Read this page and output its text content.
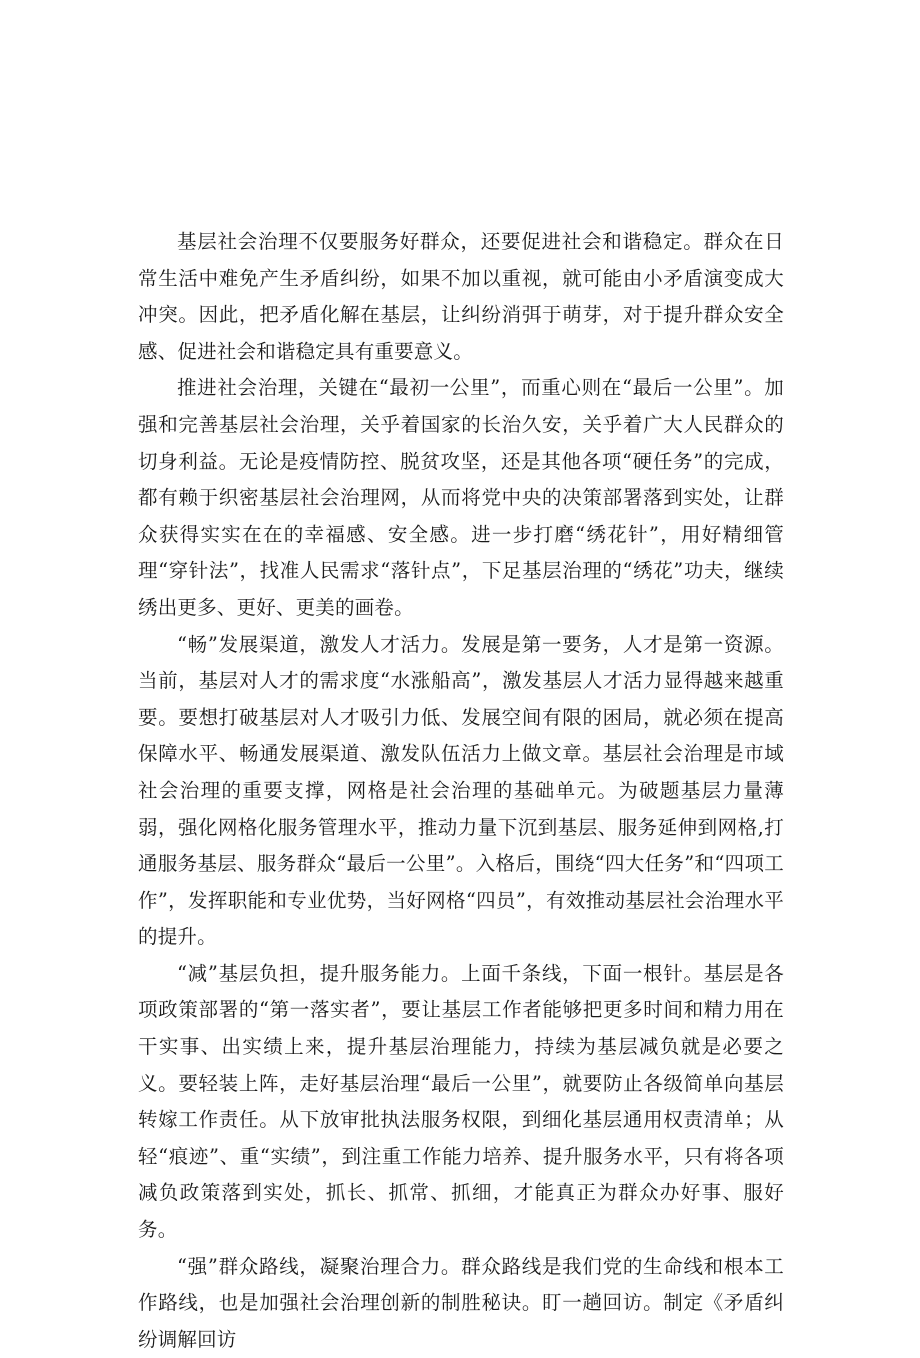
基层社会治理不仅要服务好群众，还要促进社会和谐稳定。群众在日常生活中难免产生矛盾纠纷，如果不加以重视，就可能由小矛盾演变成大冲突。因此，把矛盾化解在基层，让纠纷消弭于萌芽，对于提升群众安全感、促进社会和谐稳定具有重要意义。

推进社会治理，关键在“最初一公里”，而重心则在“最后一公里”。加强和完善基层社会治理，关乎着国家的长治久安，关乎着广大人民群众的切身利益。无论是疫情防控、脱贫攻坚，还是其他各项“硬任务”的完成，都有赖于织密基层社会治理网，从而将党中央的决策部署落到实处，让群众获得实实在在的幸福感、安全感。进一步打磨“绣花针”，用好精细管理“穿针法”，找准人民需求“落针点”，下足基层治理的“绣花”功夫，继续绣出更多、更好、更美的画卷。

“畅”发展渠道，激发人才活力。发展是第一要务，人才是第一资源。当前，基层对人才的需求度“水涨船高”，激发基层人才活力显得越来越重要。要想打破基层对人才吸引力低、发展空间有限的困局，就必须在提高保障水平、畅通发展渠道、激发队伍活力上做文章。基层社会治理是市域社会治理的重要支撑，网格是社会治理的基础单元。为破题基层力量薄弱，强化网格化服务管理水平，推动力量下沉到基层、服务延伸到网格,打通服务基层、服务群众“最后一公里”。入格后，围绕“四大任务”和“四项工作”，发挥职能和专业优势，当好网格“四员”，有效推动基层社会治理水平的提升。

“减”基层负担，提升服务能力。上面千条线，下面一根针。基层是各项政策部署的“第一落实者”，要让基层工作者能够把更多时间和精力用在干实事、出实绩上来，提升基层治理能力，持续为基层减负就是必要之义。要轻装上阵，走好基层治理“最后一公里”，就要防止各级简单向基层转嫁工作责任。从下放审批执法服务权限，到细化基层通用权责清单；从轻“痕迹”、重“实绩”，到注重工作能力培养、提升服务水平，只有将各项减负政策落到实处，抓长、抓常、抓细，才能真正为群众办好事、服好务。

“强”群众路线，凝聚治理合力。群众路线是我们党的生命线和根本工作路线，也是加强社会治理创新的制胜秘诀。盯一趟回访。制定《矛盾纠纷调解回访
